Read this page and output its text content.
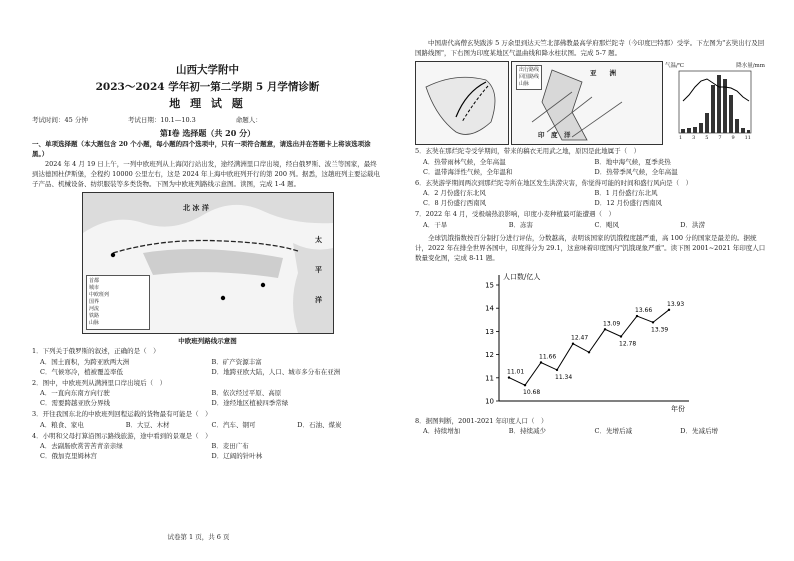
山西大学附中
2023～2024 学年初一第二学期 5 月学情诊断
地 理 试 题
考试时间：45 分钟	考试日期：10.1—10.3	命题人：
第Ⅰ卷 选择题（共 20 分）
一、单项选择题（本大题包含 20 个小题，每小题的四个选项中，只有一项符合题意，请选出并在答题卡上将该选项涂黑。）
2024 年 4 月 19 日上午，一列中欧班列从上海闵行站出发，途经满洲里口岸出境，经白俄罗斯、波兰等国家，最终到达德国杜伊斯堡，全程约 10000 公里左右，这是 2024 年上海中欧班列开行的第 200 列。据悉，这趟班列主要运载电子产品、机械设备、纺织服装等多类货物。下图为中欧班列路线示意图。读图，完成 1-4 题。
北 冰 洋
太
平
洋
首都
城市
中欧班列
国界
河流
铁路
山脉
中欧班列路线示意图
1．下列关于俄罗斯的叙述，正确的是（　）
A．国土面积，为跨亚欧两大洲	B．矿产资源丰富
C．气候寒冷，植被覆盖率低	D．地跨亚欧大陆，人口、城市多分布在亚洲
2．图中，中欧班列从满洲里口岸出境后（　）
A．一直向东南方向行驶	B．依次经过平原、高原
C．需要跨越亚欧分界线	D．途经地区植被四季常绿
3．开往我国东北的中欧班列回程运载的货物最有可能是（　）
A．粮食、家电	B．大豆、木材	C．汽车、钢可	D．石油、煤炭
4．小明和父母打算沿图示路线旅游，途中看到的景观是（　）
A．去副肠欧赏苦苦青亲亲绿	B．麦田广布
C．俄加克里姆林宫	D．辽阔的针叶林
试卷第 1 页，共 6 页
中国唐代高僧玄奘跋涉 5 万余里到达天竺北部佛教最高学府那烂陀寺（今印度巴特那）受学。下左图为"玄奘出行及回国路线图"，下右图为印度某地区气温曲线和降水柱状图。完成 5-7 题。
出行路线
回国路线
山脉
亚　　洲
印　度　洋
气温/℃	降水量/mm
1 3 5 7 9 11
5．玄奘在那烂陀寺受学期间，带来的稿衣无用武之地，原因是此地属于（　）
A．热带雨林气候，全年高温	B．地中海气候，夏季炎热
C．温带海洋性气候，全年温和	D．热带季风气候，全年高温
6．玄奘游学期间两次到那烂陀寺所在地区发生洪涝灾害，你觉得可能的时间和盛行风向是（　）
A．2 月份盛行东北风	B．1 月份盛行东北风
C．8 月份盛行西南风	D．12 月份盛行西南风
7．2022 年 4 月，受极端热浪影响，印度小麦种植最可能遭遇（　）
A．干旱	B．冻害	C．飓风	D．洪涝
全球饥饿指数按百分制打分进行评估，分数越高，表明该国家的饥饿程度越严重，高 100 分的国家是最差的。据统计，2022 年在排全世界各国中，印度得分为 29.1，这意味着印度国内"饥饿现象严重"。读下图 2001~2021 年印度人口数量变化图，完成 8-11 题。
10
11
12
13
14
15
人口数/亿人
年份
11.01
10.68
11.66
11.34
12.47
13.09
12.78
13.66
13.39
13.93
8．据图判断，2001-2021 年印度人口（　）
A．持续增加	B．持续减少	C．先增后减	D．先减后增
